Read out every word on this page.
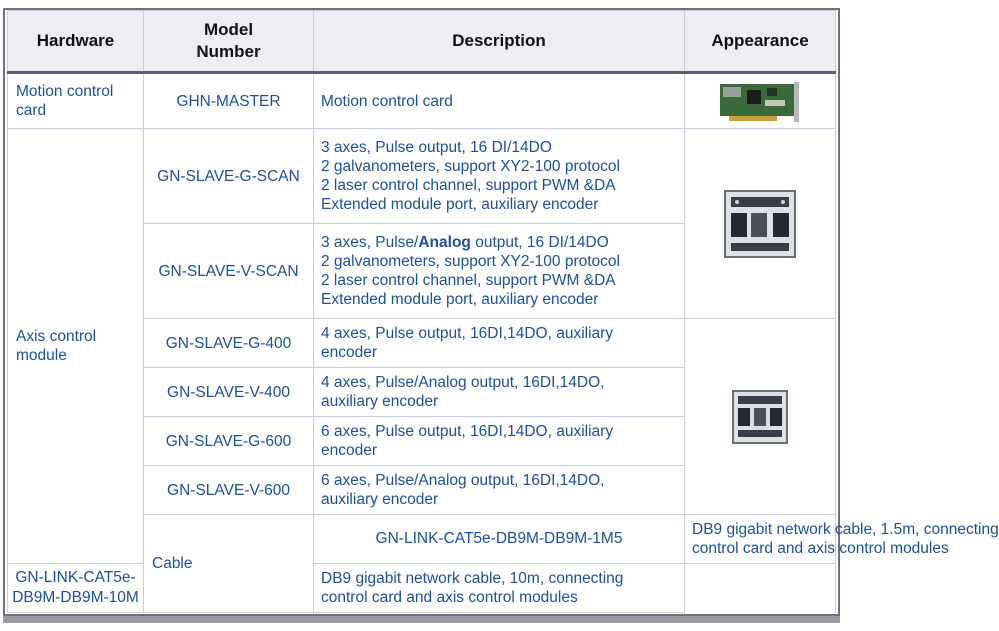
Hardware	Model Number	Description	Appearance	
Motion control card	GHN-MASTER	Motion control card

Axis control module	GN-SLAVE-G-SCAN	3 axes, Pulse output, 16 DI/14DO
2 galvanometers, support XY2-100 protocol
2 laser control channel, support PWM &DA
Extended module port, auxiliary encoder

	GN-SLAVE-V-SCAN	3 axes, Pulse/Analog output, 16 DI/14DO
2 galvanometers, support XY2-100 protocol
2 laser control channel, support PWM &DA
Extended module port, auxiliary encoder		

	GN-SLAVE-G-400	4 axes, Pulse output, 16DI,14DO, auxiliary
encoder

	GN-SLAVE-V-400	4 axes, Pulse/Analog output, 16DI,14DO,
auxiliary encoder		

	GN-SLAVE-G-600	6 axes, Pulse output, 16DI,14DO, auxiliary
encoder		

	GN-SLAVE-V-600	6 axes, Pulse/Analog output, 16DI,14DO,
auxiliary encoder		

	Cable	GN-LINK-CAT5e-DB9M-DB9M-1M5	DB9 gigabit network cable, 1.5m, connecting
control card and axis control modules	

GN-LINK-CAT5e-DB9M-DB9M-10M		DB9 gigabit network cable, 10m, connecting
control card and axis control modules		
